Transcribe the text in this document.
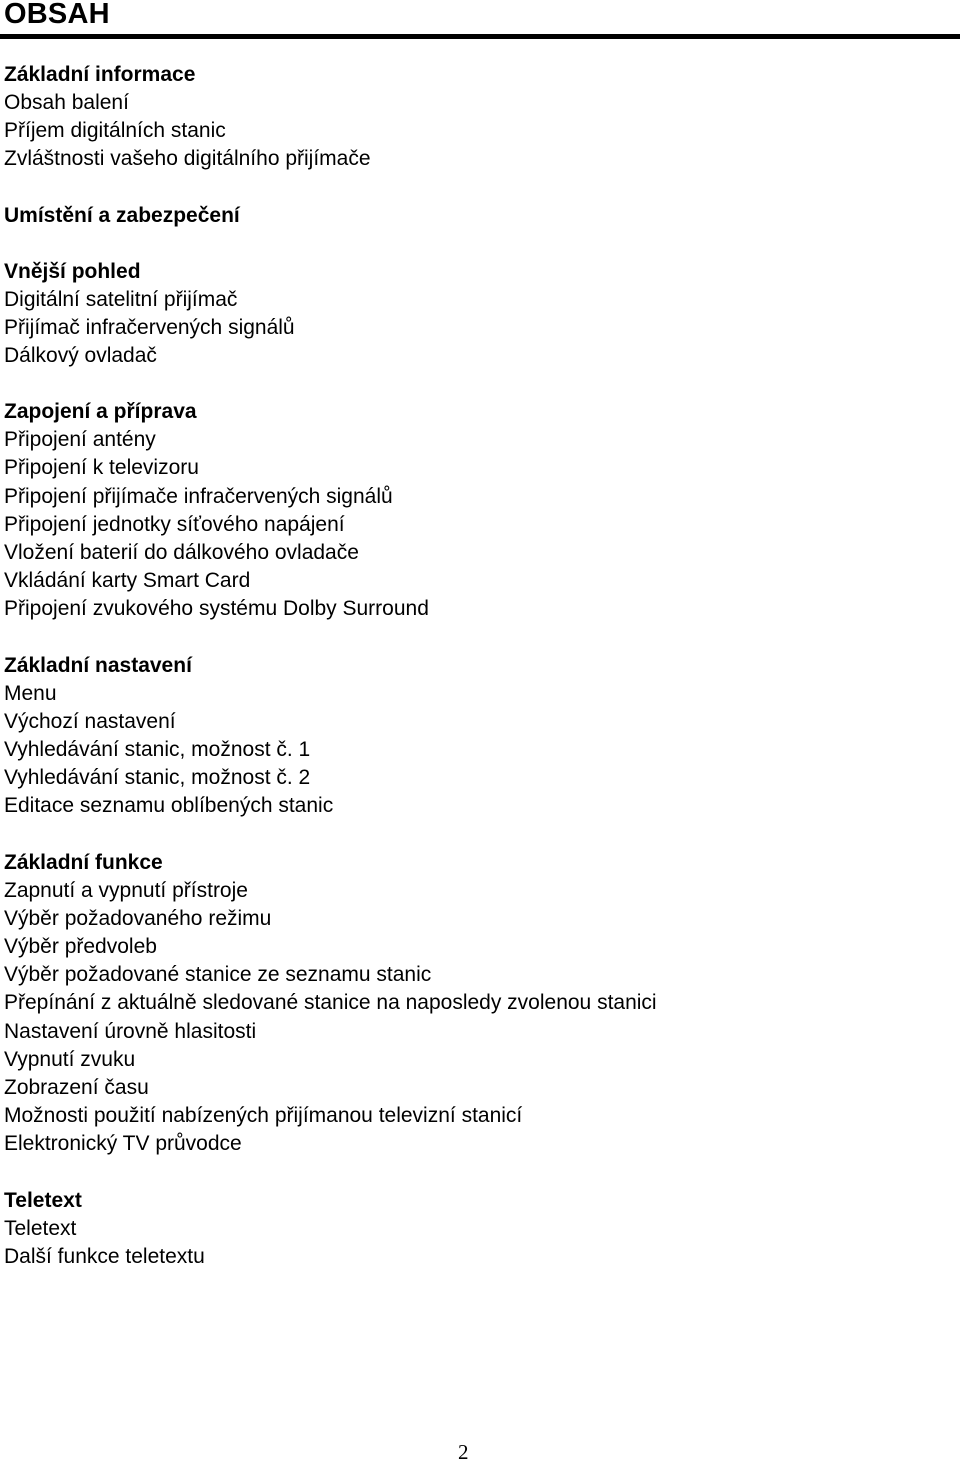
OBSAH
Základní informace
Obsah balení
Příjem digitálních stanic
Zvláštnosti vašeho digitálního přijímače
Umístění a zabezpečení
Vnější pohled
Digitální satelitní přijímač
Přijímač infračervených signálů
Dálkový ovladač
Zapojení a příprava
Připojení antény
Připojení k televizoru
Připojení přijímače infračervených signálů
Připojení jednotky síťového napájení
Vložení baterií do dálkového ovladače
Vkládání karty Smart Card
Připojení zvukového systému Dolby Surround
Základní nastavení
Menu
Výchozí nastavení
Vyhledávání stanic, možnost č. 1
Vyhledávání stanic, možnost č. 2
Editace seznamu oblíbených stanic
Základní funkce
Zapnutí a vypnutí přístroje
Výběr požadovaného režimu
Výběr předvoleb
Výběr požadované stanice ze seznamu stanic
Přepínání z aktuálně sledované stanice na naposledy zvolenou stanici
Nastavení úrovně hlasitosti
Vypnutí zvuku
Zobrazení času
Možnosti použití nabízených přijímanou televizní stanicí
Elektronický TV průvodce
Teletext
Teletext
Další funkce teletextu
2
